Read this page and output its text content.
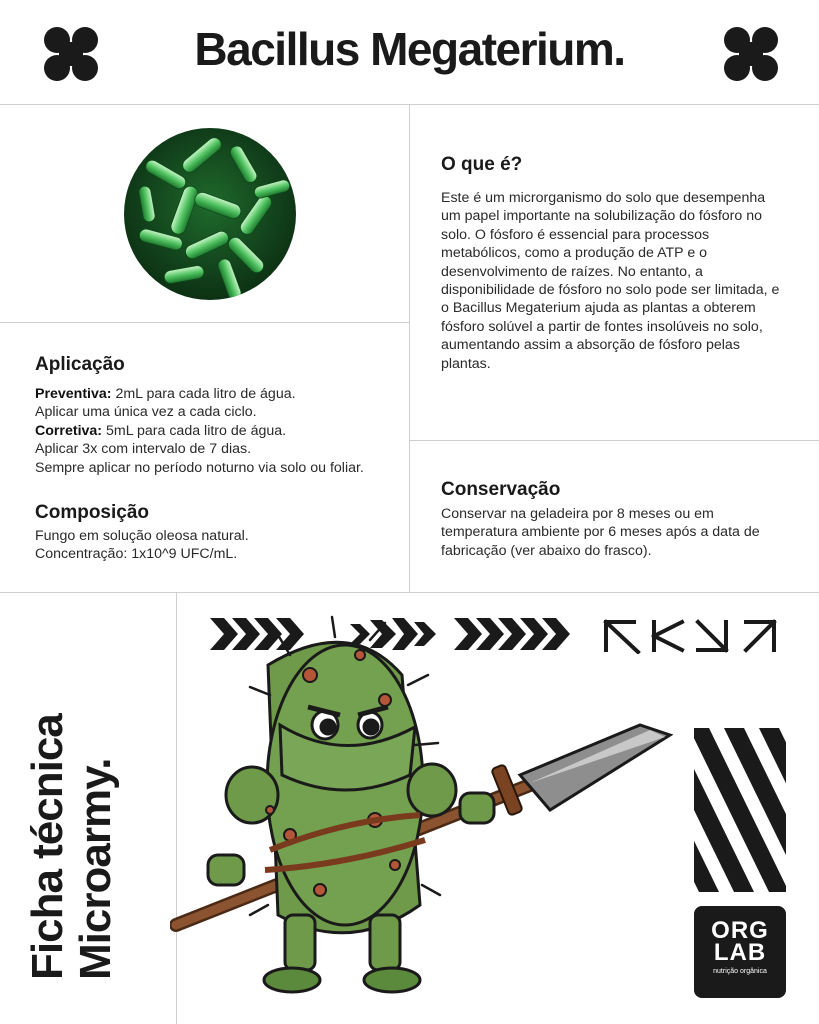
Bacillus Megaterium.
O que é?
Este é um microrganismo do solo que desempenha um papel importante na solubilização do fósforo no solo. O fósforo é essencial para processos metabólicos, como a produção de ATP e o desenvolvimento de raízes. No entanto, a disponibilidade de fósforo no solo pode ser limitada, e o Bacillus Megaterium ajuda as plantas a obterem fósforo solúvel a partir de fontes insolúveis no solo, aumentando assim a absorção de fósforo pelas plantas.
Aplicação
Preventiva: 2mL para cada litro de água.
Aplicar uma única vez a cada ciclo.
Corretiva: 5mL para cada litro de água.
Aplicar 3x com intervalo de 7 dias.
Sempre aplicar no período noturno via solo ou foliar.
Composição
Fungo em solução oleosa natural.
Concentração: 1x10^9 UFC/mL.
Conservação
Conservar na geladeira por 8 meses ou em temperatura ambiente por 6 meses após a data de fabricação (ver abaixo do frasco).
Ficha técnica Microarmy.	ORG
LAB
nutrição orgânica
